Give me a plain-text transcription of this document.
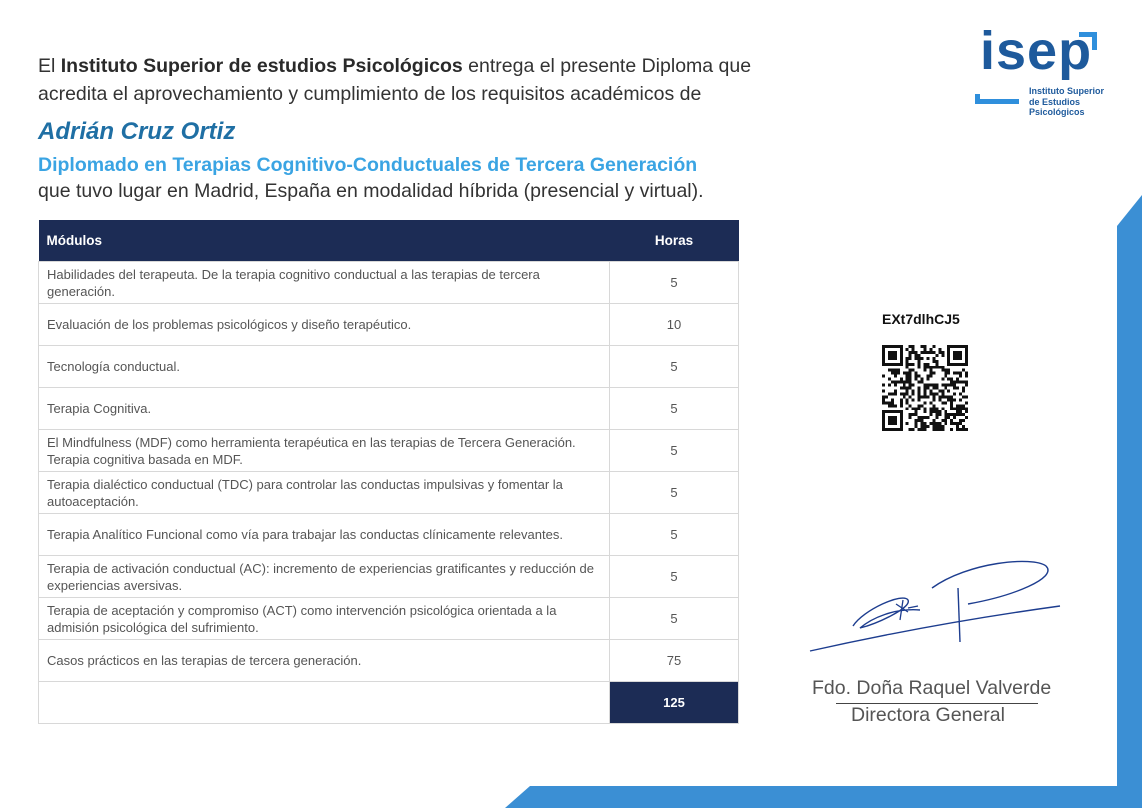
El Instituto Superior de estudios Psicológicos entrega el presente Diploma que acredita el aprovechamiento y cumplimiento de los requisitos académicos de
Adrián Cruz Ortiz
Diplomado en Terapias Cognitivo-Conductuales de Tercera Generación
que tuvo lugar en Madrid, España en modalidad híbrida (presencial y virtual).
Módulos	Horas
Habilidades del terapeuta. De la terapia cognitivo conductual a las terapias de tercera generación.	5
Evaluación de los problemas psicológicos y diseño terapéutico.	10
Tecnología conductual.	5
Terapia Cognitiva.	5
El Mindfulness (MDF) como herramienta terapéutica en las terapias de Tercera Generación. Terapia cognitiva basada en MDF.	5
Terapia dialéctico conductual (TDC) para controlar las conductas impulsivas y fomentar la autoaceptación.	5
Terapia Analítico Funcional como vía para trabajar las conductas clínicamente relevantes.	5
Terapia de activación conductual (AC): incremento de experiencias gratificantes y reducción de experiencias aversivas.	5
Terapia de aceptación y compromiso (ACT) como intervención psicológica orientada a la admisión psicológica del sufrimiento.	5
Casos prácticos en las terapias de tercera generación.	75
	125
isep
Instituto Superior
de Estudios
Psicológicos
EXt7dlhCJ5
Fdo. Doña Raquel Valverde
Directora General
